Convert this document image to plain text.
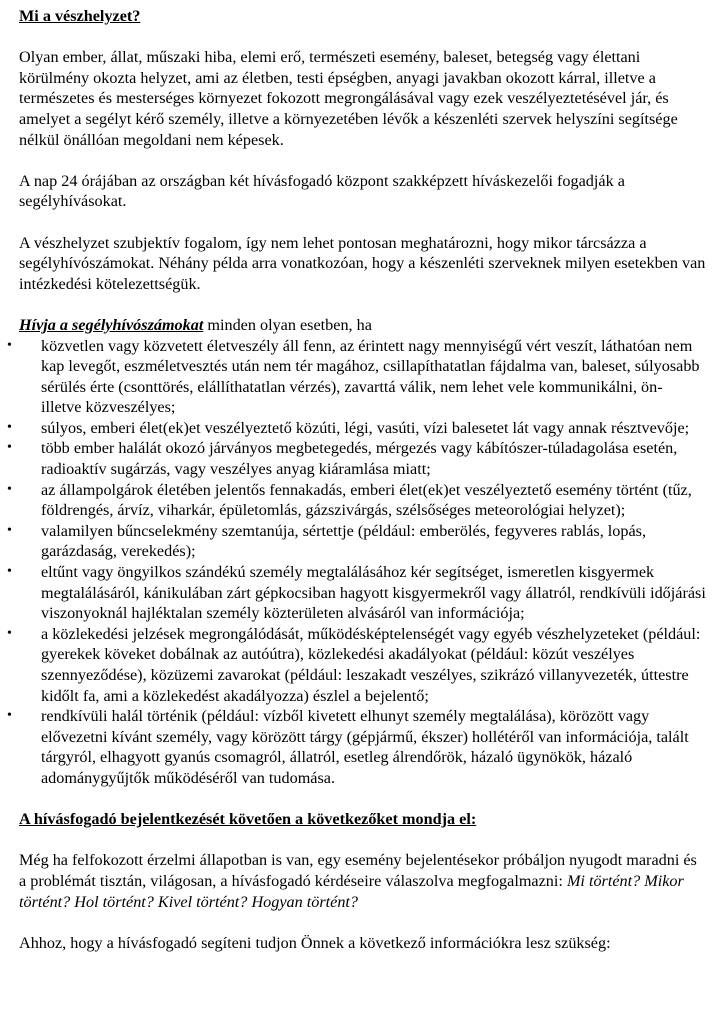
Mi a vészhelyzet?

Olyan ember, állat, műszaki hiba, elemi erő, természeti esemény, baleset, betegség vagy élettani körülmény okozta helyzet, ami az életben, testi épségben, anyagi javakban okozott kárral, illetve a természetes és mesterséges környezet fokozott megrongálásával vagy ezek veszélyeztetésével jár, és amelyet a segélyt kérő személy, illetve a környezetében lévők a készenléti szervek helyszíni segítsége nélkül önállóan megoldani nem képesek.

A nap 24 órájában az országban két hívásfogadó központ szakképzett híváskezelői fogadják a segélyhívásokat.

A vészhelyzet szubjektív fogalom, így nem lehet pontosan meghatározni, hogy mikor tárcsázza a segélyhívószámokat. Néhány példa arra vonatkozóan, hogy a készenléti szerveknek milyen esetekben van intézkedési kötelezettségük.

Hívja a segélyhívószámokat minden olyan esetben, ha

• közvetlen vagy közvetett életveszély áll fenn, az érintett nagy mennyiségű vért veszít, láthatóan nem kap levegőt, eszméletvesztés után nem tér magához, csillapíthatatlan fájdalma van, baleset, súlyosabb sérülés érte (csonttörés, elállíthatatlan vérzés), zavarttá válik, nem lehet vele kommunikálni, ön- illetve közveszélyes;
• súlyos, emberi élet(ek)et veszélyeztető közúti, légi, vasúti, vízi balesetet lát vagy annak résztvevője;
• több ember halálát okozó járványos megbetegedés, mérgezés vagy kábítószer-túladagolása esetén, radioaktív sugárzás, vagy veszélyes anyag kiáramlása miatt;
• az állampolgárok életében jelentős fennakadás, emberi élet(ek)et veszélyeztető esemény történt (tűz, földrengés, árvíz, viharkár, épületomlás, gázszivárgás, szélsőséges meteorológiai helyzet);
• valamilyen bűncselekmény szemtanúja, sértettje (például: emberölés, fegyveres rablás, lopás, garázdaság, verekedés);
• eltűnt vagy öngyilkos szándékú személy megtalálásához kér segítséget, ismeretlen kisgyermek megtalálásáról, kánikulában zárt gépkocsiban hagyott kisgyermekről vagy állatról, rendkívüli időjárási viszonyoknál hajléktalan személy közterületen alvásáról van információja;
• a közlekedési jelzések megrongálódását, működésképtelenségét vagy egyéb vészhelyzeteket (például: gyerekek köveket dobálnak az autóútra), közlekedési akadályokat (például: közút veszélyes szennyeződése), közüzemi zavarokat (például: leszakadt veszélyes, szikrázó villanyvezeték, úttestre kidőlt fa, ami a közlekedést akadályozza) észlel a bejelentő;
• rendkívüli halál történik (például: vízből kivetett elhunyt személy megtalálása), körözött vagy elővezetni kívánt személy, vagy körözött tárgy (gépjármű, ékszer) hollétéről van információja, talált tárgyról, elhagyott gyanús csomagról, állatról, esetleg álrendőrök, házaló ügynökök, házaló adománygyűjtők működéséről van tudomása.
A hívásfogadó bejelentkezését követően a következőket mondja el:

Még ha felfokozott érzelmi állapotban is van, egy esemény bejelentésekor próbáljon nyugodt maradni és a problémát tisztán, világosan, a hívásfogadó kérdéseire válaszolva megfogalmazni: Mi történt? Mikor történt? Hol történt? Kivel történt? Hogyan történt?

Ahhoz, hogy a hívásfogadó segíteni tudjon Önnek a következő információkra lesz szükség:
